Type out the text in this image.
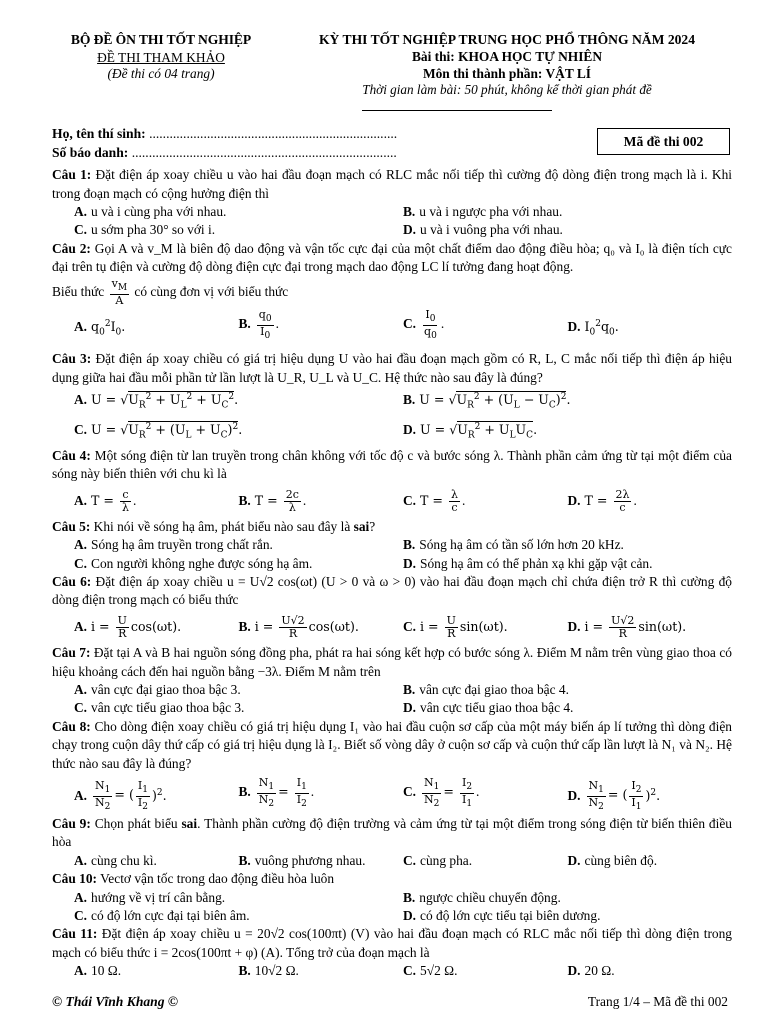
BỘ ĐỀ ÔN THI TỐT NGHIỆP
ĐỀ THI THAM KHẢO
(Đề thi có 04 trang)
KỲ THI TỐT NGHIỆP TRUNG HỌC PHỔ THÔNG NĂM 2024
Bài thi: KHOA HỌC TỰ NHIÊN
Môn thi thành phần: VẬT LÍ
Thời gian làm bài: 50 phút, không kể thời gian phát đề
Họ, tên thí sinh: .........................................................................
Số báo danh: ..............................................................................
Mã đề thi 002

Câu 1: Đặt điện áp xoay chiều u vào hai đầu đoạn mạch có RLC mắc nối tiếp thì cường độ dòng điện trong mạch là i. Khi trong đoạn mạch có cộng hưởng điện thì

A. u và i cùng pha với nhau.	B. u và i ngược pha với nhau.
C. u sớm pha 30° so với i.	D. u và i vuông pha với nhau.

Câu 2: Gọi A và v_M là biên độ dao động và vận tốc cực đại của một chất điểm dao động điều hòa; q₀ và I₀ là điện tích cực đại trên tụ điện và cường độ dòng điện cực đại trong mạch dao động LC lí tưởng đang hoạt động.

Biểu thức $\frac{v_M}{A}$ có cùng đơn vị với biểu thức

A. $q_0^2I_0$.	B. $\frac{q_0}{I_0}$ .	C. $\frac{I_0}{q_0}$ .	D. $I_0^2q_0$.

Câu 3: Đặt điện áp xoay chiều có giá trị hiệu dụng U vào hai đầu đoạn mạch gồm có R, L, C mắc nối tiếp thì điện áp hiệu dụng giữa hai đầu mỗi phần tử lần lượt là U_R, U_L và U_C. Hệ thức nào sau đây là đúng?

A. $U = √U_R^2 + U_L^2 + U_C^2$.	B. $U = √U_R^2 + (U_L - U_C)^2$.
C. $U = √U_R^2 + (U_L + U_C)^2$.	D. $U = √U_R^2 + U_LU_C$.

Câu 4: Một sóng điện từ lan truyền trong chân không với tốc độ c và bước sóng λ. Thành phần cảm ứng từ tại một điểm của sóng này biến thiên với chu kì là

A. $T = \frac{c}{\lambda}$ .	B. $T = \frac{2c}{\lambda}$ .	C. $T = \frac{\lambda}{c}$ .	D. $T = \frac{2\lambda}{c}$ .

Câu 5: Khi nói về sóng hạ âm, phát biểu nào sau đây là sai?

A. Sóng hạ âm truyền trong chất rắn.	B. Sóng hạ âm có tần số lớn hơn 20 kHz.
C. Con người không nghe được sóng hạ âm.	D. Sóng hạ âm có thể phản xạ khi gặp vật cản.

Câu 6: Đặt điện áp xoay chiều u = U√2 cos(ωt) (U > 0 và ω > 0) vào hai đầu đoạn mạch chỉ chứa điện trở R thì cường độ dòng điện trong mạch có biểu thức

A. $i = \frac{U}{R} \cos(\omega t)$.	B. $i = \frac{U√2}{R} \cos(\omega t)$.	C. $i = \frac{U}{R} \sin(\omega t)$.	D. $i = \frac{U√2}{R} \sin(\omega t)$.

Câu 7: Đặt tại A và B hai nguồn sóng đồng pha, phát ra hai sóng kết hợp có bước sóng λ. Điểm M nằm trên vùng giao thoa có hiệu khoảng cách đến hai nguồn bằng −3λ. Điểm M nằm trên

A. vân cực đại giao thoa bậc 3.	B. vân cực đại giao thoa bậc 4.
C. vân cực tiểu giao thoa bậc 3.	D. vân cực tiểu giao thoa bậc 4.

Câu 8: Cho dòng điện xoay chiều có giá trị hiệu dụng I₁ vào hai đầu cuộn sơ cấp của một máy biến áp lí tưởng thì dòng điện chạy trong cuộn dây thứ cấp có giá trị hiệu dụng là I₂. Biết số vòng dây ở cuộn sơ cấp và cuộn thứ cấp lần lượt là N₁ và N₂. Hệ thức nào sau đây là đúng?

A. $\frac{N_1}{N_2}$ = ( $\frac{I_1}{I_2} )^2$.	B. $\frac{N_1}{N_2} = \frac{I_1}{I_2}$ .	C. $\frac{N_1}{N_2} = \frac{I_2}{I_1}$ .	D. $\frac{N_1}{N_2}$ = ( $\frac{I_2}{I_1} )^2$.

Câu 9: Chọn phát biểu sai. Thành phần cường độ điện trường và cảm ứng từ tại một điểm trong sóng điện từ biến thiên điều hòa

A. cùng chu kì.	B. vuông phương nhau.	C. cùng pha.	D. cùng biên độ.

Câu 10: Vectơ vận tốc trong dao động điều hòa luôn

A. hướng về vị trí cân bằng.	B. ngược chiều chuyển động.
C. có độ lớn cực đại tại biên âm.	D. có độ lớn cực tiểu tại biên dương.

Câu 11: Đặt điện áp xoay chiều u = 20√2 cos(100πt) (V) vào hai đầu đoạn mạch có RLC mắc nối tiếp thì dòng điện trong mạch có biểu thức i = 2cos(100πt + φ) (A). Tổng trở của đoạn mạch là

A. 10 Ω.	B. 10√2 Ω.	C. 5√2 Ω.	D. 20 Ω.
© Thái Vĩnh Khang ©	Trang 1/4 – Mã đề thi 002
